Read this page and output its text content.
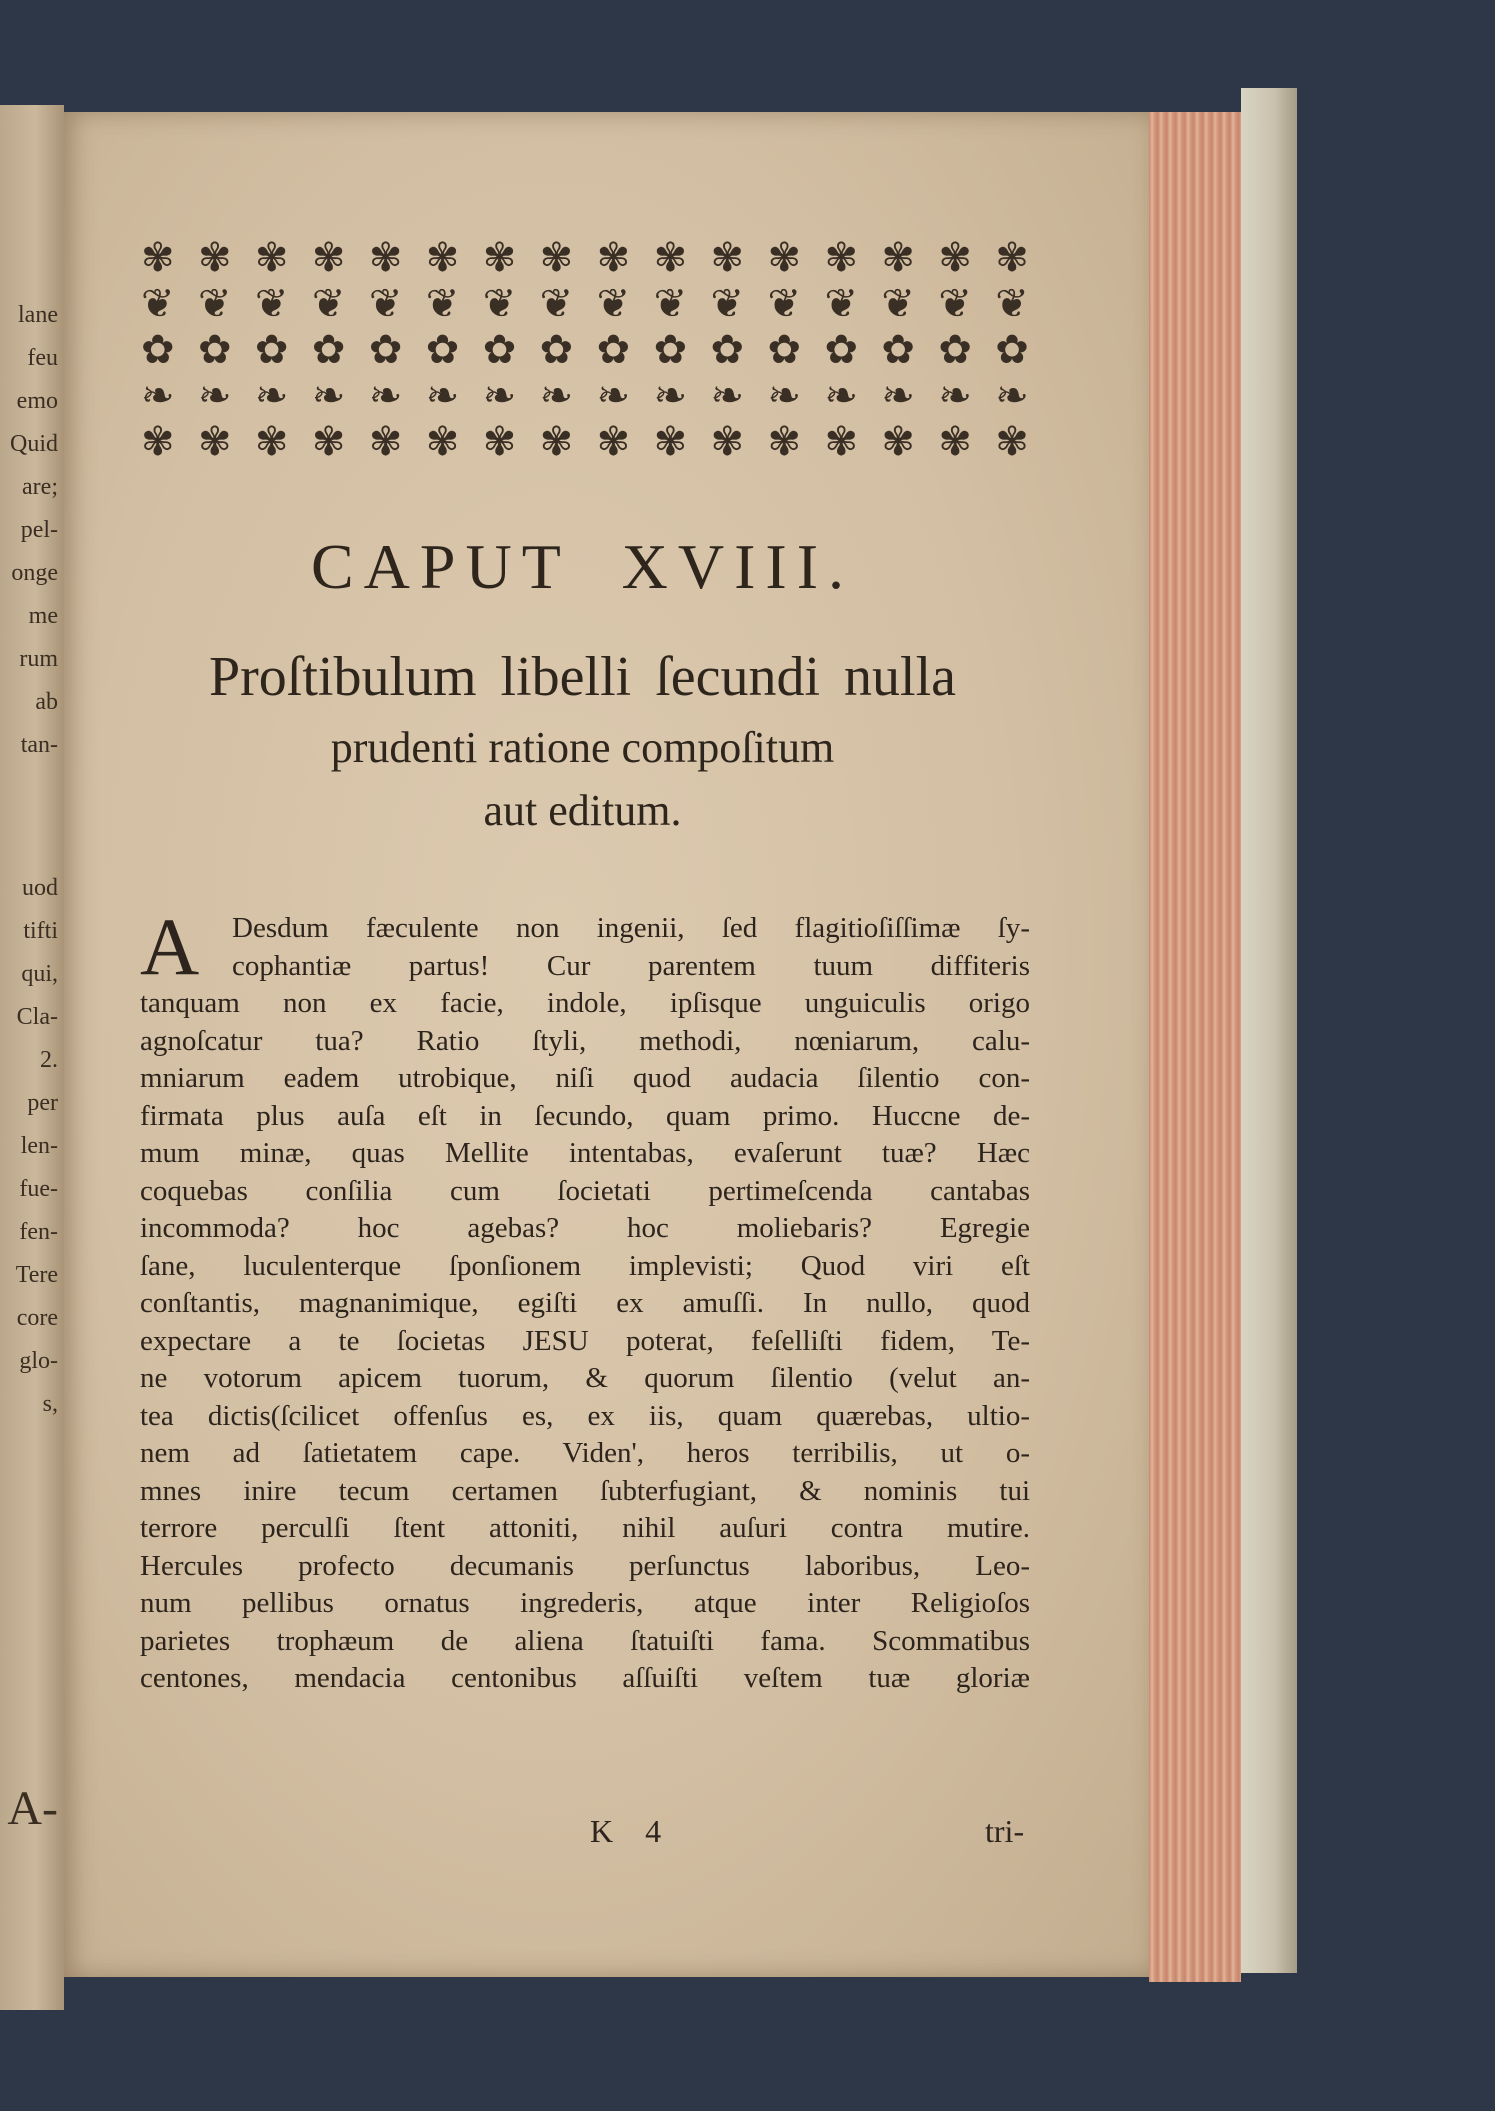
lane
feu
emo
Quid
are;
pel-
onge
me
rum
ab
tan-
uod
tifti
qui,
Cla-
2.
per
len-
fue-
fen-
Tere
core
glo-
s,
A-
✾ ✾ ✾ ✾ ✾ ✾ ✾ ✾ ✾ ✾ ✾ ✾ ✾ ✾ ✾ ✾
❦ ❦ ❦ ❦ ❦ ❦ ❦ ❦ ❦ ❦ ❦ ❦ ❦ ❦ ❦ ❦
✿ ✿ ✿ ✿ ✿ ✿ ✿ ✿ ✿ ✿ ✿ ✿ ✿ ✿ ✿ ✿
❧ ❧ ❧ ❧ ❧ ❧ ❧ ❧ ❧ ❧ ❧ ❧ ❧ ❧ ❧ ❧
✾ ✾ ✾ ✾ ✾ ✾ ✾ ✾ ✾ ✾ ✾ ✾ ✾ ✾ ✾ ✾
CAPUT XVIII.
Proſtibulum libelli ſecundi nulla
prudenti ratione compoſitum
aut editum.
A	Desdum fæculente non ingenii, ſed flagitioſiſſimæ ſy-
cophantiæ partus! Cur parentem tuum diffiteris
tanquam non ex facie, indole, ipſisque unguiculis origo
agnoſcatur tua? Ratio ſtyli, methodi, nœniarum, calu-
mniarum eadem utrobique, niſi quod audacia ſilentio con-
firmata plus auſa eſt in ſecundo, quam primo. Huccne de-
mum minæ, quas Mellite intentabas, evaſerunt tuæ? Hæc
coquebas conſilia cum ſocietati pertimeſcenda cantabas
incommoda? hoc agebas? hoc moliebaris? Egregie
ſane, luculenterque ſponſionem implevisti; Quod viri eſt
conſtantis, magnanimique, egiſti ex amuſſi. In nullo, quod
expectare a te ſocietas JESU poterat, feſelliſti fidem, Te-
ne votorum apicem tuorum, & quorum ſilentio (velut an-
tea dictis(ſcilicet offenſus es, ex iis, quam quærebas, ultio-
nem ad ſatietatem cape. Viden', heros terribilis, ut o-
mnes inire tecum certamen ſubterfugiant, & nominis tui
terrore perculſi ſtent attoniti, nihil auſuri contra mutire.
Hercules profecto decumanis perſunctus laboribus, Leo-
num pellibus ornatus ingrederis, atque inter Religioſos
parietes trophæum de aliena ſtatuiſti fama. Scommatibus
centones, mendacia centonibus aſſuiſti veſtem tuæ gloriæ
K 4	tri-
